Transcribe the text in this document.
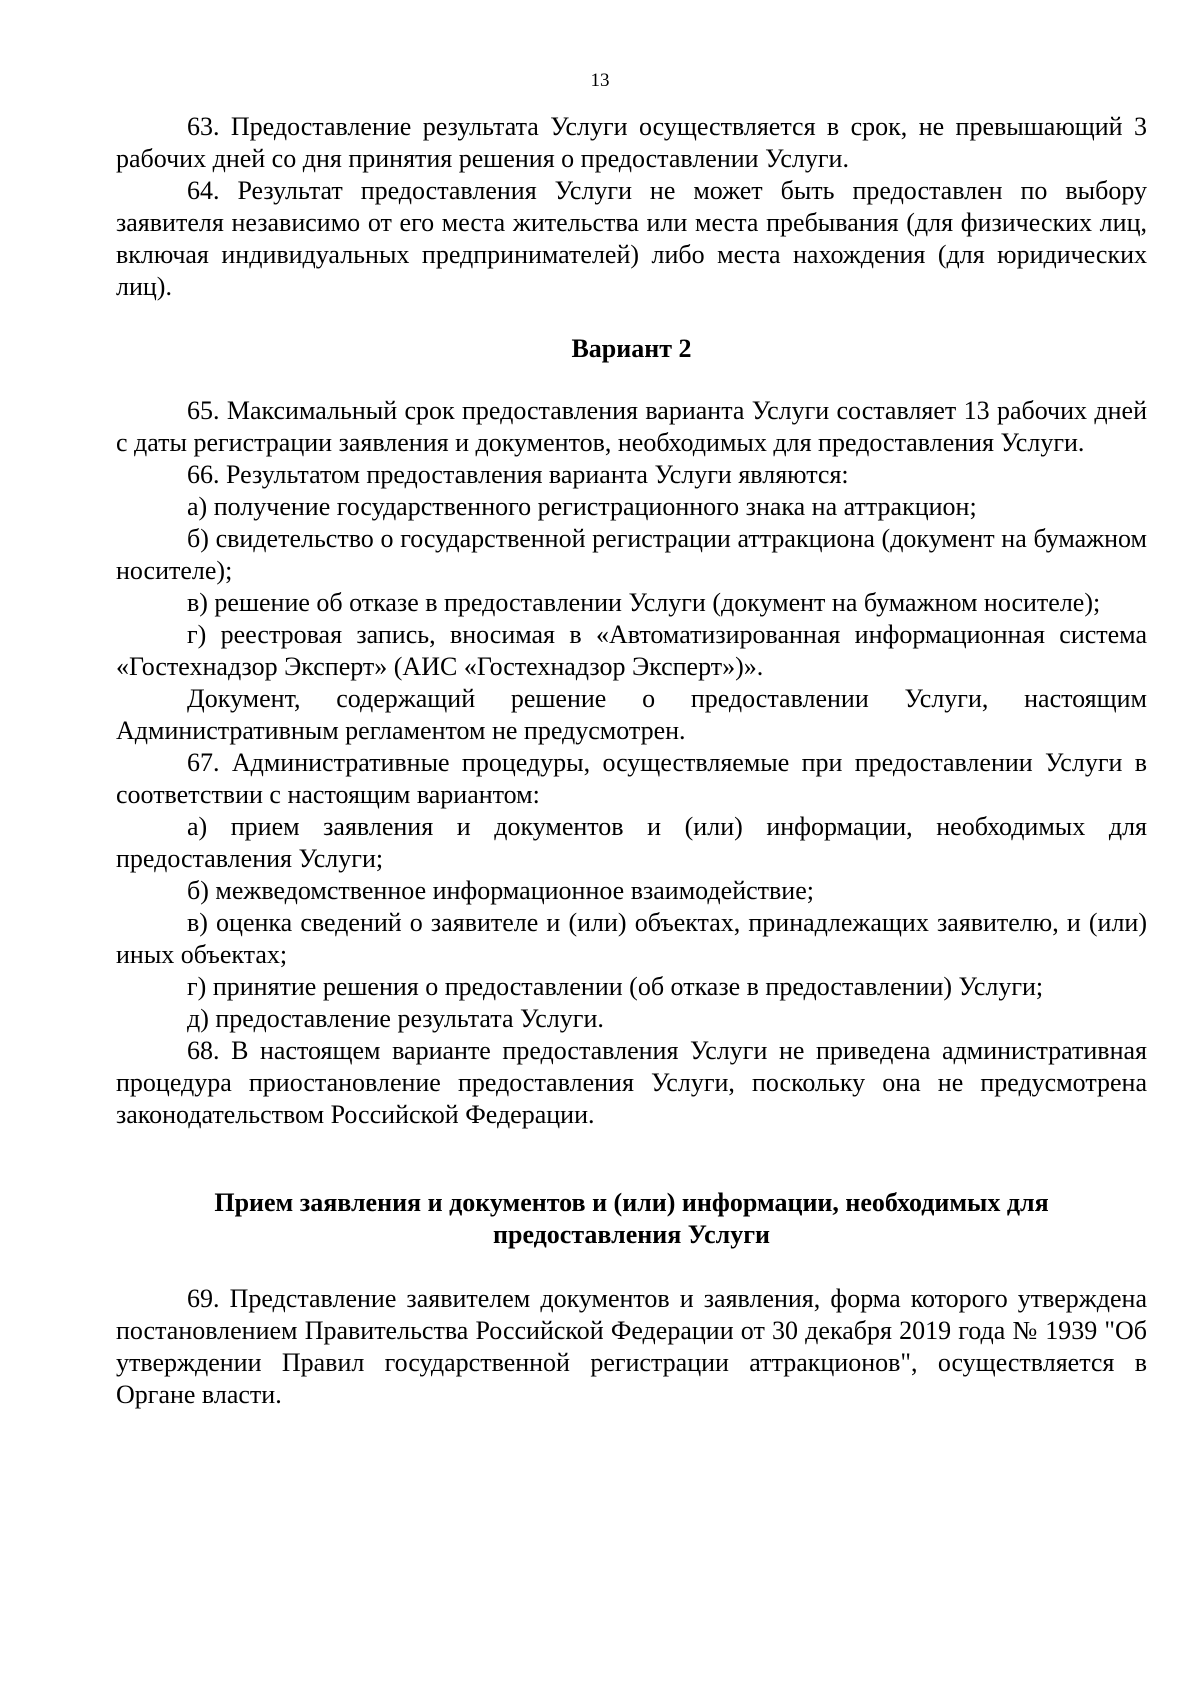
13

63. Предоставление результата Услуги осуществляется в срок, не превышающий 3 рабочих дней со дня принятия решения о предоставлении Услуги.

64. Результат предоставления Услуги не может быть предоставлен по выбору заявителя независимо от его места жительства или места пребывания (для физических лиц, включая индивидуальных предпринимателей) либо места нахождения (для юридических лиц).

Вариант 2

65. Максимальный срок предоставления варианта Услуги составляет 13 рабочих дней с даты регистрации заявления и документов, необходимых для предоставления Услуги.

66. Результатом предоставления варианта Услуги являются:

а) получение государственного регистрационного знака на аттракцион;

б) свидетельство о государственной регистрации аттракциона (документ на бумажном носителе);

в) решение об отказе в предоставлении Услуги (документ на бумажном носителе);

г) реестровая запись, вносимая в «Автоматизированная информационная система «Гостехнадзор Эксперт» (АИС «Гостехнадзор Эксперт»)».

Документ, содержащий решение о предоставлении Услуги, настоящим Административным регламентом не предусмотрен.

67. Административные процедуры, осуществляемые при предоставлении Услуги в соответствии с настоящим вариантом:

а) прием заявления и документов и (или) информации, необходимых для предоставления Услуги;

б) межведомственное информационное взаимодействие;

в) оценка сведений о заявителе и (или) объектах, принадлежащих заявителю, и (или) иных объектах;

г) принятие решения о предоставлении (об отказе в предоставлении) Услуги;

д) предоставление результата Услуги.

68. В настоящем варианте предоставления Услуги не приведена административная процедура приостановление предоставления Услуги, поскольку она не предусмотрена законодательством Российской Федерации.

Прием заявления и документов и (или) информации, необходимых для
предоставления Услуги

69. Представление заявителем документов и заявления, форма которого утверждена постановлением Правительства Российской Федерации от 30 декабря 2019 года № 1939 "Об утверждении Правил государственной регистрации аттракционов", осуществляется в Органе власти.
